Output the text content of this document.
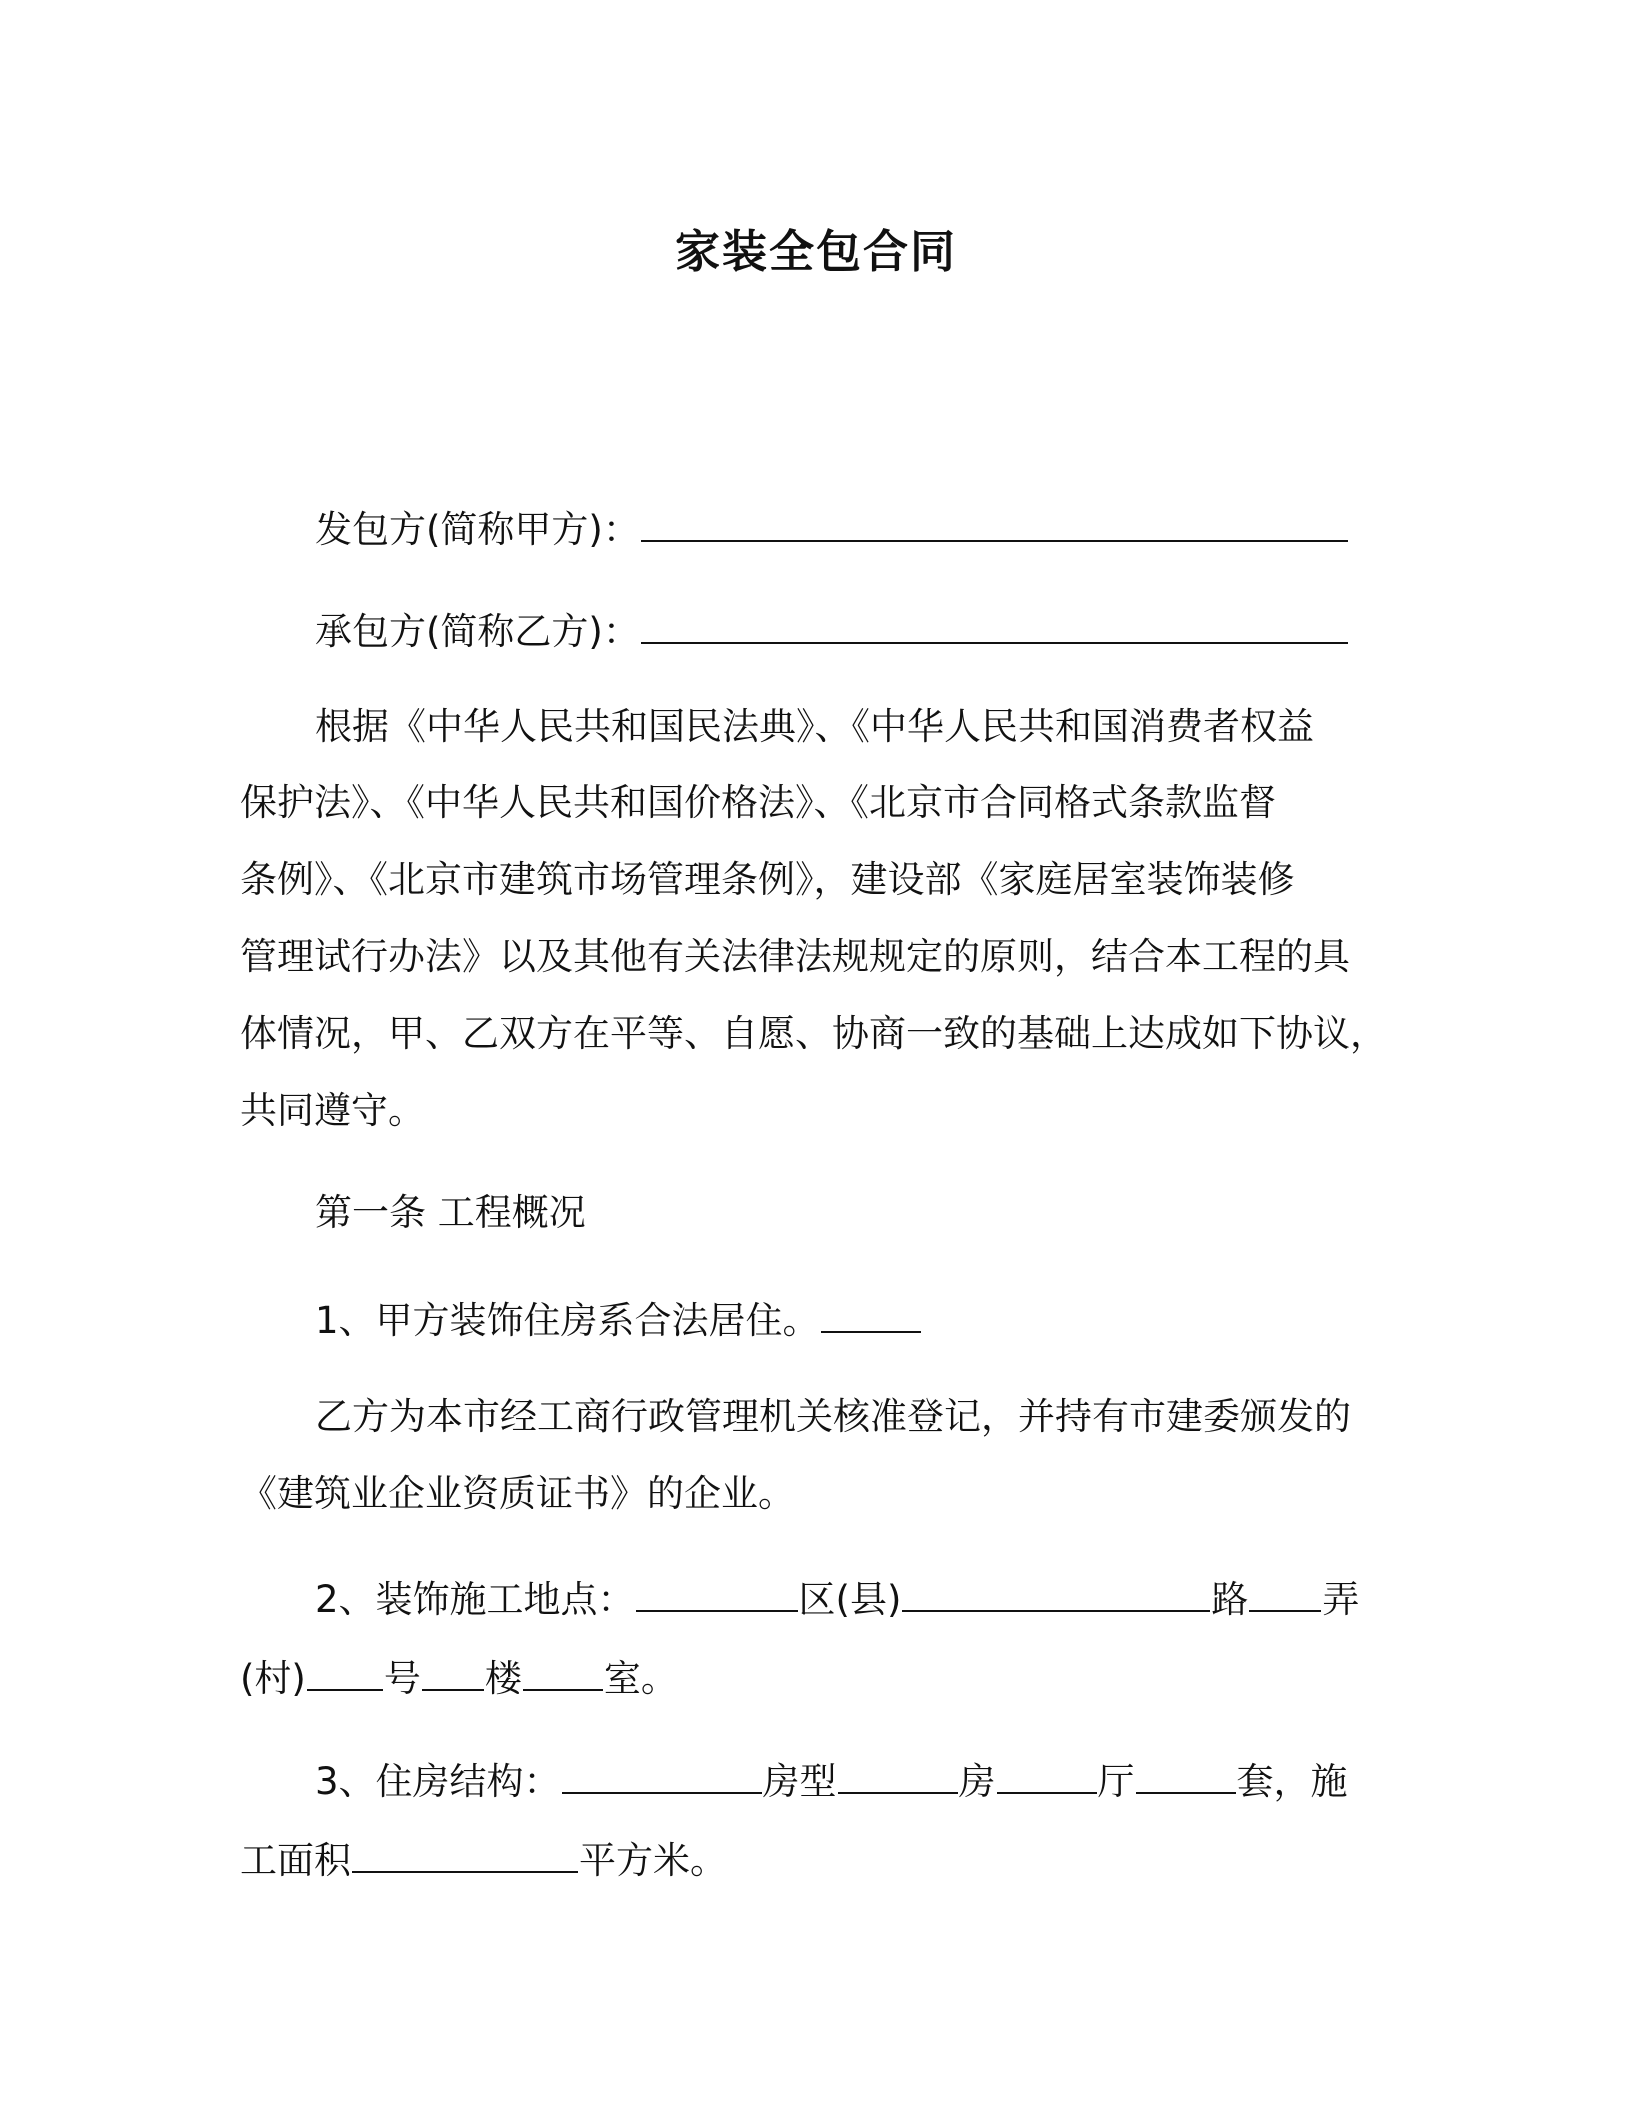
家装全包合同
发包方(简称甲方)：
承包方(简称乙方)：
根据《中华人民共和国民法典》、《中华人民共和国消费者权益
保护法》、《中华人民共和国价格法》、《北京市合同格式条款监督
条例》、《北京市建筑市场管理条例》，建设部《家庭居室装饰装修
管理试行办法》以及其他有关法律法规规定的原则，结合本工程的具
体情况，甲、乙双方在平等、自愿、协商一致的基础上达成如下协议，
共同遵守。
第一条 工程概况
1、甲方装饰住房系合法居住。
乙方为本市经工商行政管理机关核准登记，并持有市建委颁发的
《建筑业企业资质证书》的企业。
2、装饰施工地点：	区(县)	路 弄
(村) 号 楼 室。
3、住房结构：	房型	房	厅	套，施
工面积	平方米。
